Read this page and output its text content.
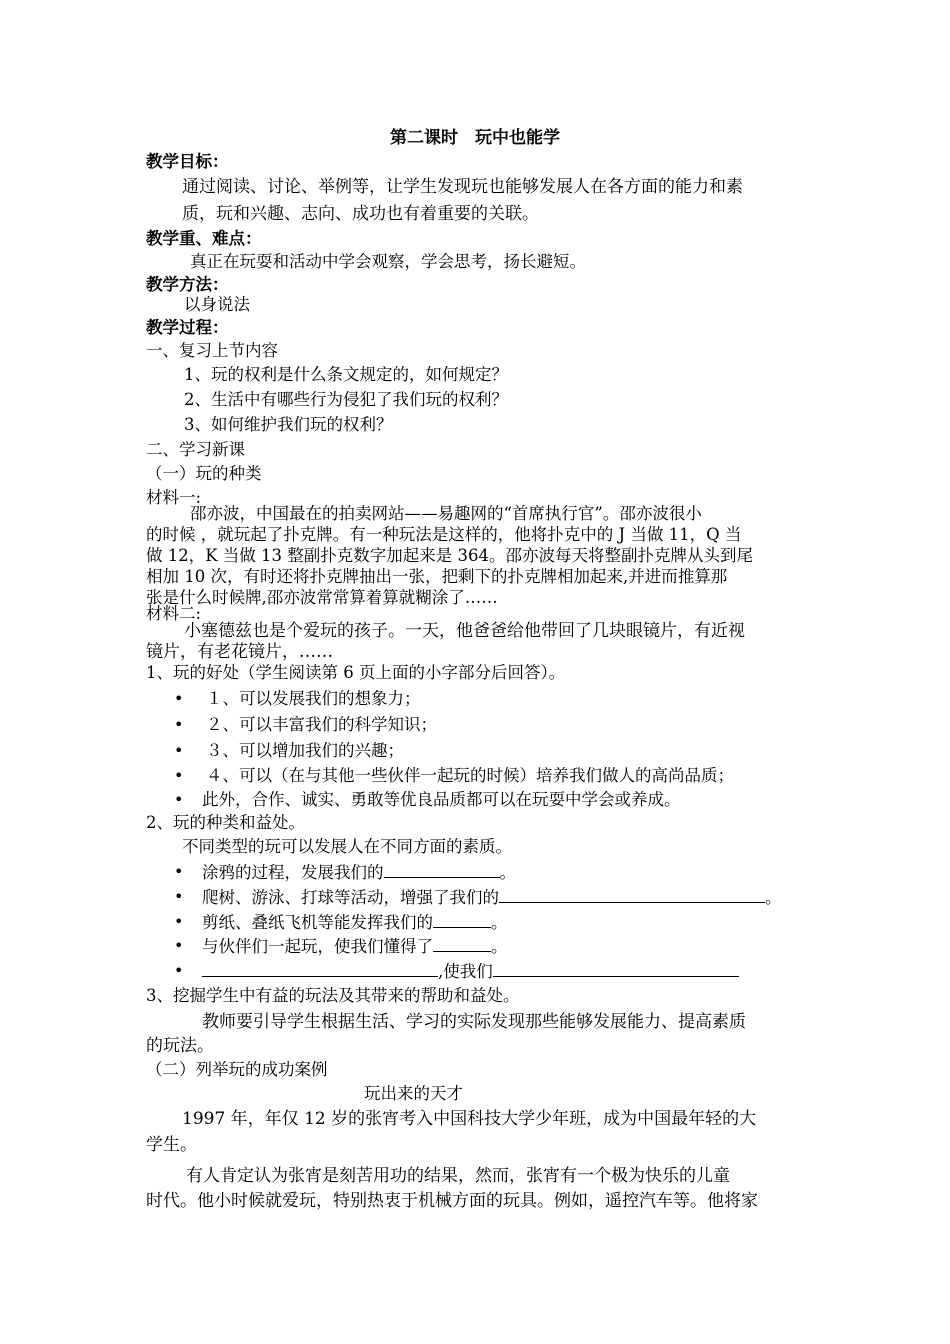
第二课时　玩中也能学
教学目标：
通过阅读、讨论、举例等，让学生发现玩也能够发展人在各方面的能力和素
质，玩和兴趣、志向、成功也有着重要的关联。
教学重、难点：
真正在玩耍和活动中学会观察，学会思考，扬长避短。
教学方法：
以身说法
教学过程：
一、复习上节内容
1、玩的权利是什么条文规定的，如何规定？
2、生活中有哪些行为侵犯了我们玩的权利？
3、如何维护我们玩的权利？
二、学习新课
（一）玩的种类
材料一:
邵亦波，中国最在的拍卖网站——易趣网的“首席执行官”。邵亦波很小
的时候 ，就玩起了扑克牌。有一种玩法是这样的，他将扑克中的 J 当做 11，Q 当
做 12，K 当做 13 整副扑克数字加起来是 364。邵亦波每天将整副扑克牌从头到尾
相加 10 次，有时还将扑克牌抽出一张，把剩下的扑克牌相加起来,并进而推算那
张是什么时候牌,邵亦波常常算着算就糊涂了……
材料二:
小塞德兹也是个爱玩的孩子。一天，他爸爸给他带回了几块眼镜片，有近视
镜片，有老花镜片，……
1、玩的好处（学生阅读第 6 页上面的小字部分后回答）。
• １、可以发展我们的想象力；
• ２、可以丰富我们的科学知识；
• ３、可以增加我们的兴趣；
• ４、可以（在与其他一些伙伴一起玩的时候）培养我们做人的高尚品质；
• 此外，合作、诚实、勇敢等优良品质都可以在玩耍中学会或养成。
2、玩的种类和益处。
不同类型的玩可以发展人在不同方面的素质。
• 涂鸦的过程，发展我们的	。
• 爬树、游泳、打球等活动，增强了我们的	。
• 剪纸、叠纸飞机等能发挥我们的	。
• 与伙伴们一起玩，使我们懂得了	。
•	,使我们
3、挖掘学生中有益的玩法及其带来的帮助和益处。
教师要引导学生根据生活、学习的实际发现那些能够发展能力、提高素质
的玩法。
（二）列举玩的成功案例
玩出来的天才
1997 年，年仅 12 岁的张宵考入中国科技大学少年班，成为中国最年轻的大
学生。
有人肯定认为张宵是刻苦用功的结果，然而，张宵有一个极为快乐的儿童
时代。他小时候就爱玩，特别热衷于机械方面的玩具。例如，遥控汽车等。他将家
